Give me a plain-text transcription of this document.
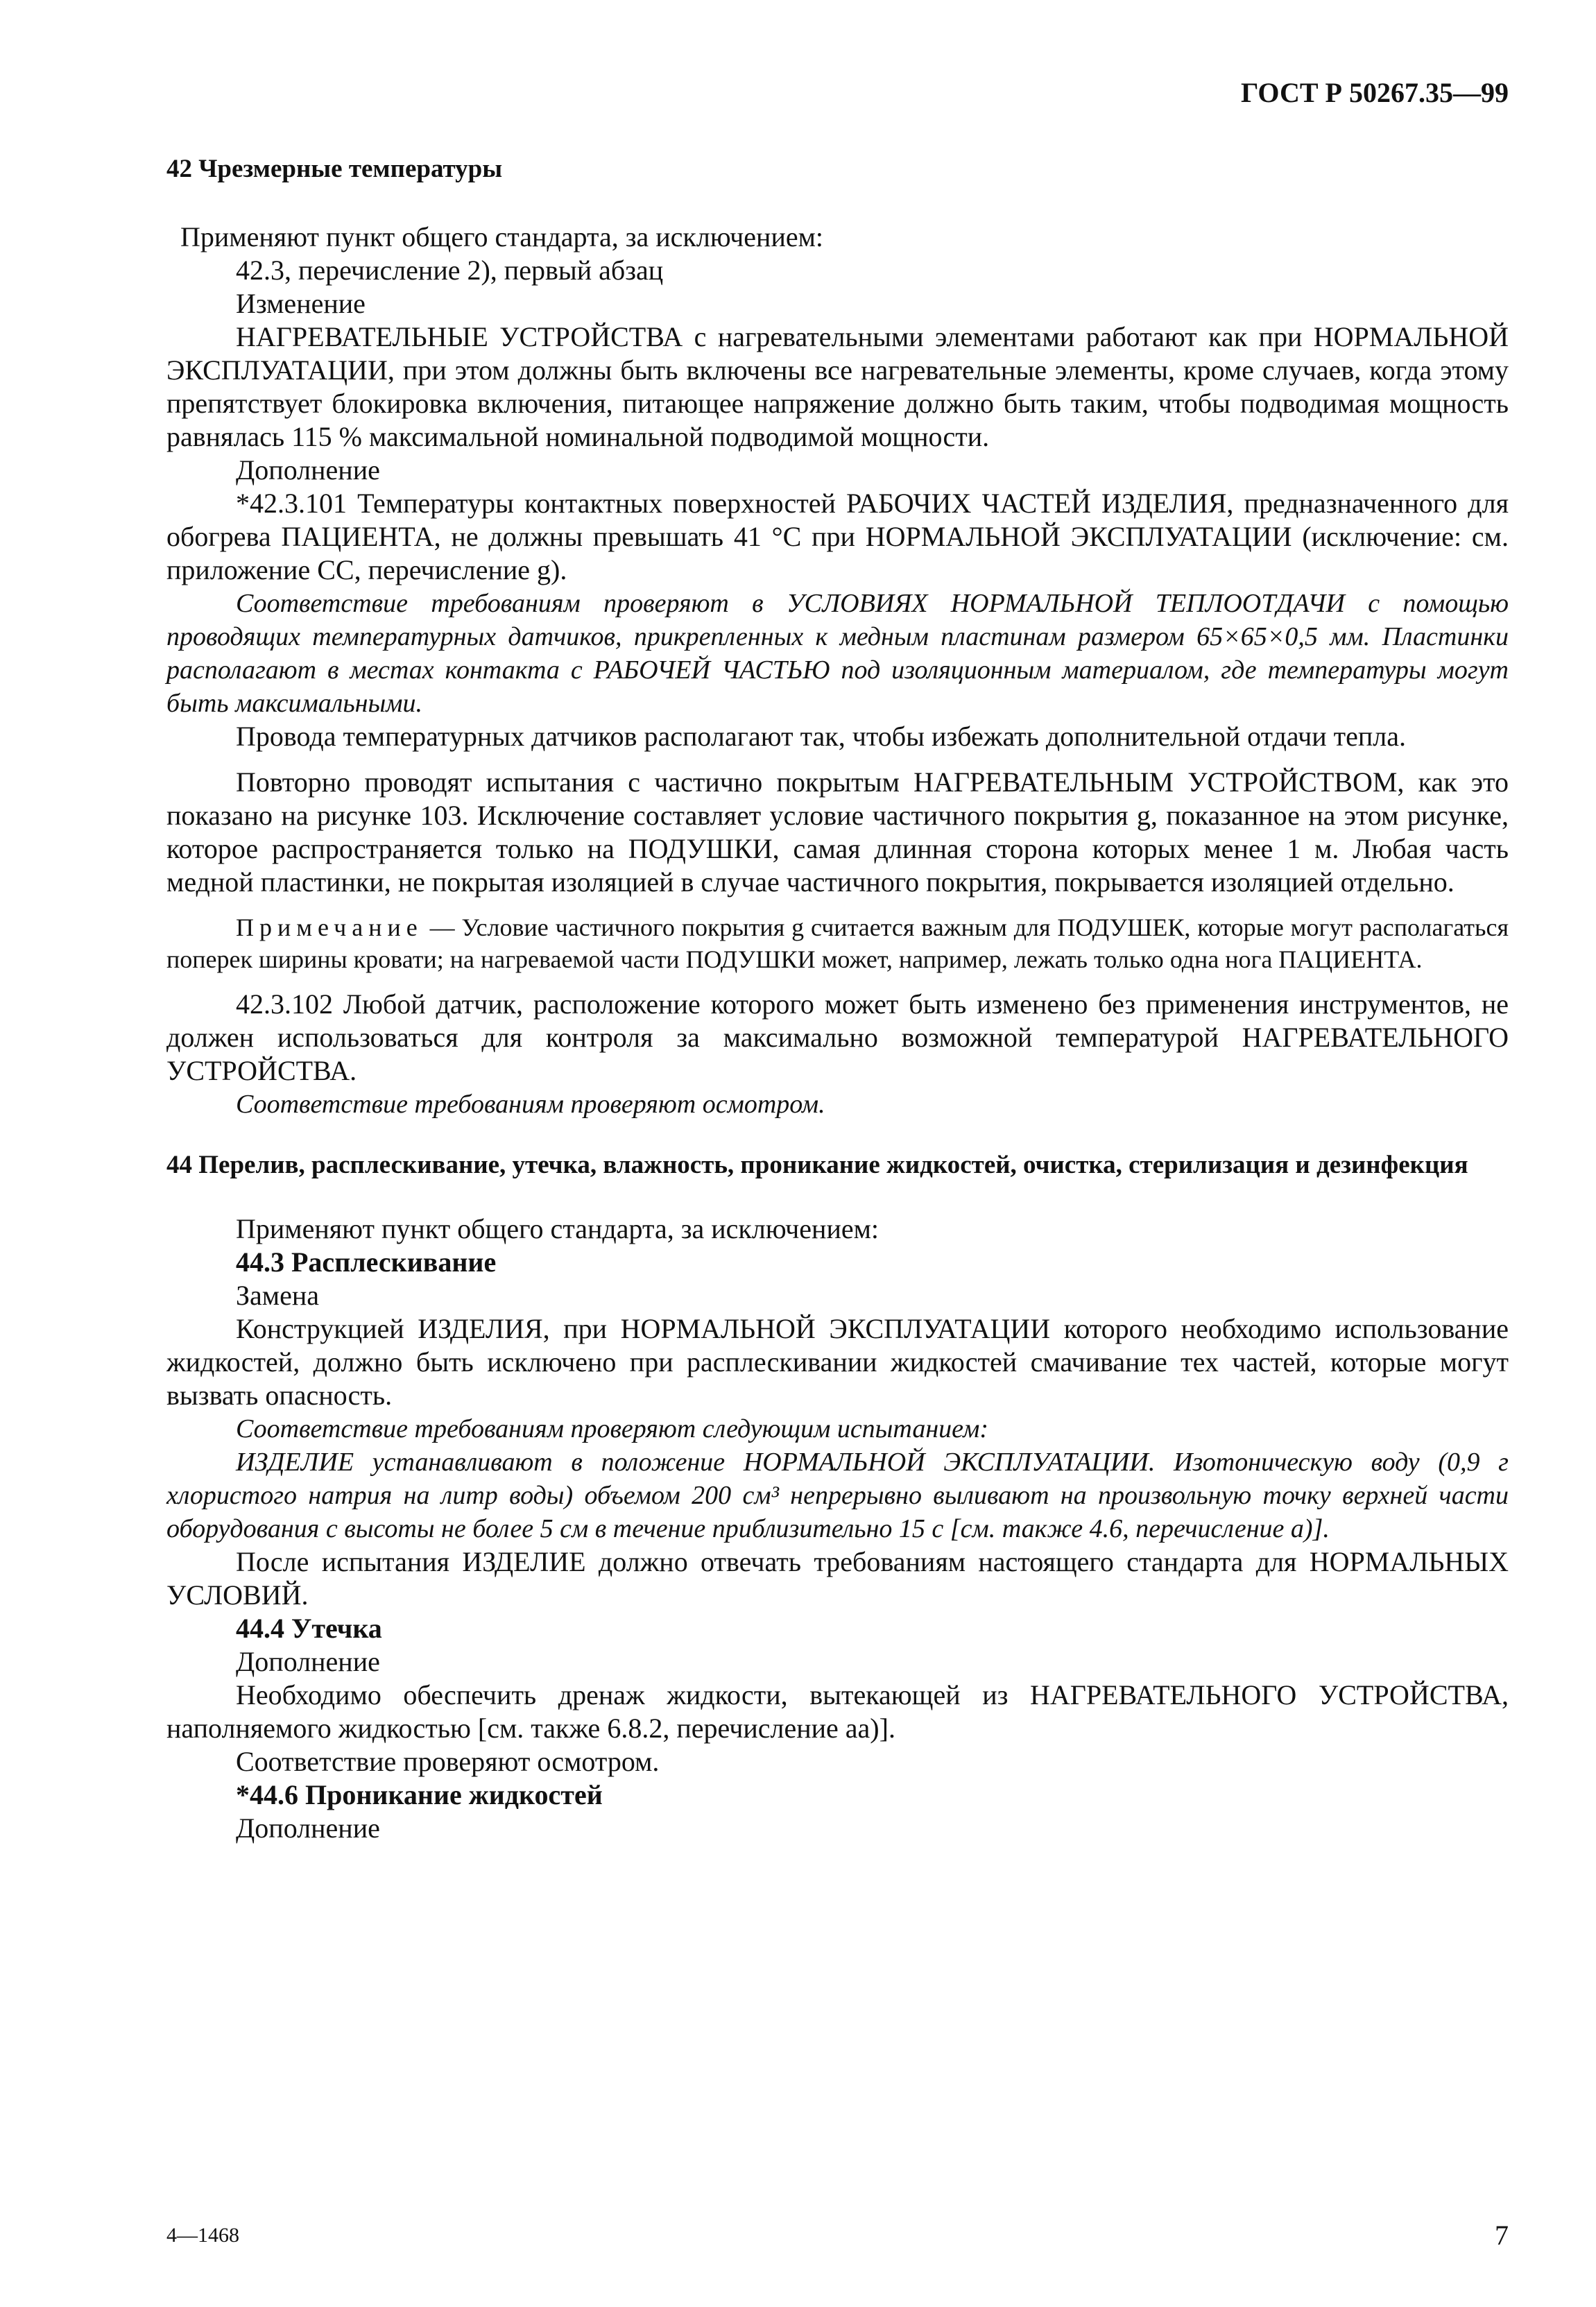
ГОСТ Р 50267.35—99
42 Чрезмерные температуры

Применяют пункт общего стандарта, за исключением:

42.3, перечисление 2), первый абзац

Изменение

НАГРЕВАТЕЛЬНЫЕ УСТРОЙСТВА с нагревательными элементами работают как при НОРМАЛЬНОЙ ЭКСПЛУАТАЦИИ, при этом должны быть включены все нагревательные элементы, кроме случаев, когда этому препятствует блокировка включения, питающее напряжение должно быть таким, чтобы подводимая мощность равнялась 115 % максимальной номинальной подводимой мощности.

Дополнение

*42.3.101 Температуры контактных поверхностей РАБОЧИХ ЧАСТЕЙ ИЗДЕЛИЯ, предназначенного для обогрева ПАЦИЕНТА, не должны превышать 41 °С при НОРМАЛЬНОЙ ЭКСПЛУАТАЦИИ (исключение: см. приложение СС, перечисление g).

Соответствие требованиям проверяют в УСЛОВИЯХ НОРМАЛЬНОЙ ТЕПЛООТДАЧИ с помощью проводящих температурных датчиков, прикрепленных к медным пластинам размером 65×65×0,5 мм. Пластинки располагают в местах контакта с РАБОЧЕЙ ЧАСТЬЮ под изоляционным материалом, где температуры могут быть максимальными.

Провода температурных датчиков располагают так, чтобы избежать дополнительной отдачи тепла.

Повторно проводят испытания с частично покрытым НАГРЕВАТЕЛЬНЫМ УСТРОЙСТВОМ, как это показано на рисунке 103. Исключение составляет условие частичного покрытия g, показанное на этом рисунке, которое распространяется только на ПОДУШКИ, самая длинная сторона которых менее 1 м. Любая часть медной пластинки, не покрытая изоляцией в случае частичного покрытия, покрывается изоляцией отдельно.

Примечание — Условие частичного покрытия g считается важным для ПОДУШЕК, которые могут располагаться поперек ширины кровати; на нагреваемой части ПОДУШКИ может, например, лежать только одна нога ПАЦИЕНТА.

42.3.102 Любой датчик, расположение которого может быть изменено без применения инструментов, не должен использоваться для контроля за максимально возможной температурой НАГРЕВАТЕЛЬНОГО УСТРОЙСТВА.

Соответствие требованиям проверяют осмотром.

44 Перелив, расплескивание, утечка, влажность, проникание жидкостей, очистка, стерилизация и дезинфекция

Применяют пункт общего стандарта, за исключением:

44.3 Расплескивание

Замена

Конструкцией ИЗДЕЛИЯ, при НОРМАЛЬНОЙ ЭКСПЛУАТАЦИИ которого необходимо использование жидкостей, должно быть исключено при расплескивании жидкостей смачивание тех частей, которые могут вызвать опасность.

Соответствие требованиям проверяют следующим испытанием:

ИЗДЕЛИЕ устанавливают в положение НОРМАЛЬНОЙ ЭКСПЛУАТАЦИИ. Изотоническую воду (0,9 г хлористого натрия на литр воды) объемом 200 см³ непрерывно выливают на произвольную точку верхней части оборудования с высоты не более 5 см в течение приблизительно 15 с [см. также 4.6, перечисление а)].

После испытания ИЗДЕЛИЕ должно отвечать требованиям настоящего стандарта для НОРМАЛЬНЫХ УСЛОВИЙ.

44.4 Утечка

Дополнение

Необходимо обеспечить дренаж жидкости, вытекающей из НАГРЕВАТЕЛЬНОГО УСТРОЙСТВА, наполняемого жидкостью [см. также 6.8.2, перечисление аа)].

Соответствие проверяют осмотром.

*44.6 Проникание жидкостей

Дополнение

4—1468	7
